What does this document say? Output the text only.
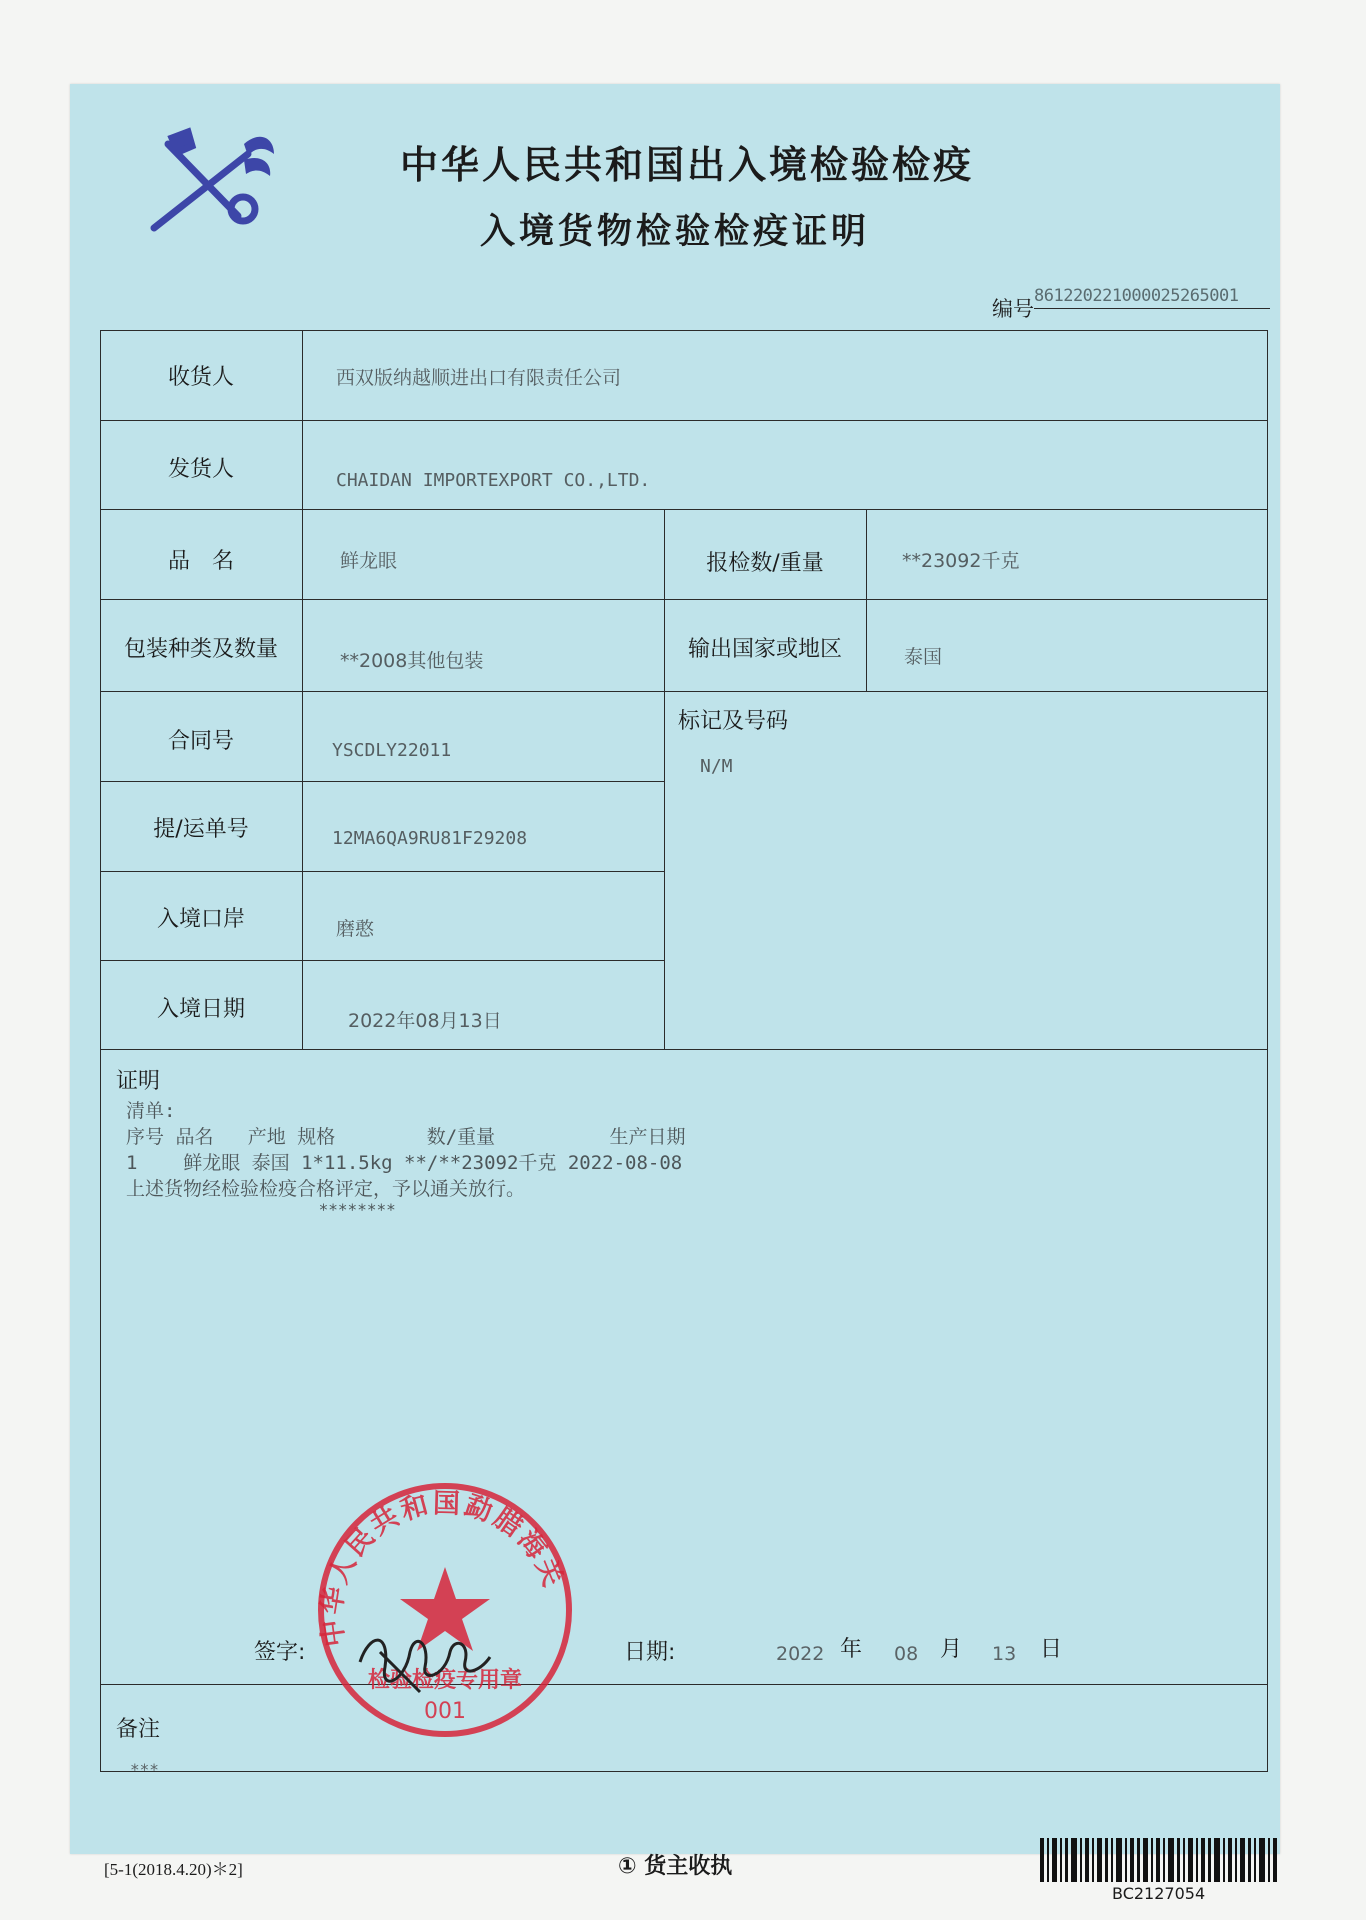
中华人民共和国出入境检验检疫
入境货物检验检疫证明
编号
861220221000025265001
收货人	西双版纳越顺进出口有限责任公司
发货人	CHAIDAN IMPORTEXPORT CO.,LTD.
品　名	鲜龙眼	报检数/重量	**23092千克
包装种类及数量	**2008其他包装	输出国家或地区	泰国
合同号	YSCDLY22011
标记及号码
N/M
提/运单号	12MA6QA9RU81F29208
入境口岸	磨憨
入境日期	2022年08月13日
证明
清单:
序号 品名   产地 规格        数/重量          生产日期
1    鲜龙眼 泰国 1*11.5kg **/**23092千克 2022-08-08
上述货物经检验检疫合格评定，予以通关放行。
********
中华人民共和国勐腊海关
检验检疫专用章
001
签字:	日期:	2022 年 08 月 13 日
备注
***
[5-1(2018.4.20)＊2]	① 货主收执
BC2127054
